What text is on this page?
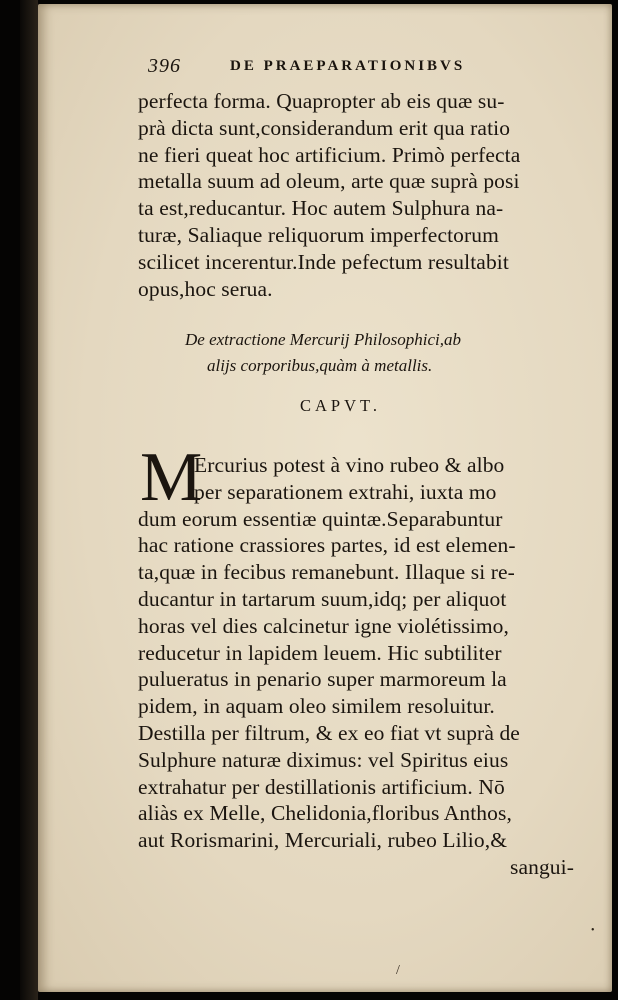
396	DE PRAEPARATIONIBVS
perfecta forma. Quapropter ab eis quæ su-
prà dicta sunt,considerandum erit qua ratio
ne fieri queat hoc artificium. Primò perfecta
metalla suum ad oleum, arte quæ suprà posi
ta est,reducantur. Hoc autem Sulphura na-
turæ, Saliaque reliquorum imperfectorum
scilicet incerentur.Inde pefectum resultabit
opus,hoc serua.
De extractione Mercurij Philosophici,ab
alijs corporibus,quàm à metallis.
CAPVT.
M
Ercurius potest à vino rubeo & albo
per separationem extrahi, iuxta mo
dum eorum essentiæ quintæ.Separabuntur
hac ratione crassiores partes, id est elemen-
ta,quæ in fecibus remanebunt. Illaque si re-
ducantur in tartarum suum,idq; per aliquot
horas vel dies calcinetur igne violétissimo,
reducetur in lapidem leuem. Hic subtiliter
puluerat⁠us in penario super marmoreum la
pidem, in aquam oleo similem resoluitur.
Destilla per filtrum, & ex eo fiat vt suprà de
Sulphure naturæ diximus: vel Spiritus eius
extrahatur per destillationis artificium. Nō
aliàs ex Melle, Chelidonia,floribus Anthos,
aut Rorismarini, Mercuriali, rubeo Lilio,&
sangui-
/
•
